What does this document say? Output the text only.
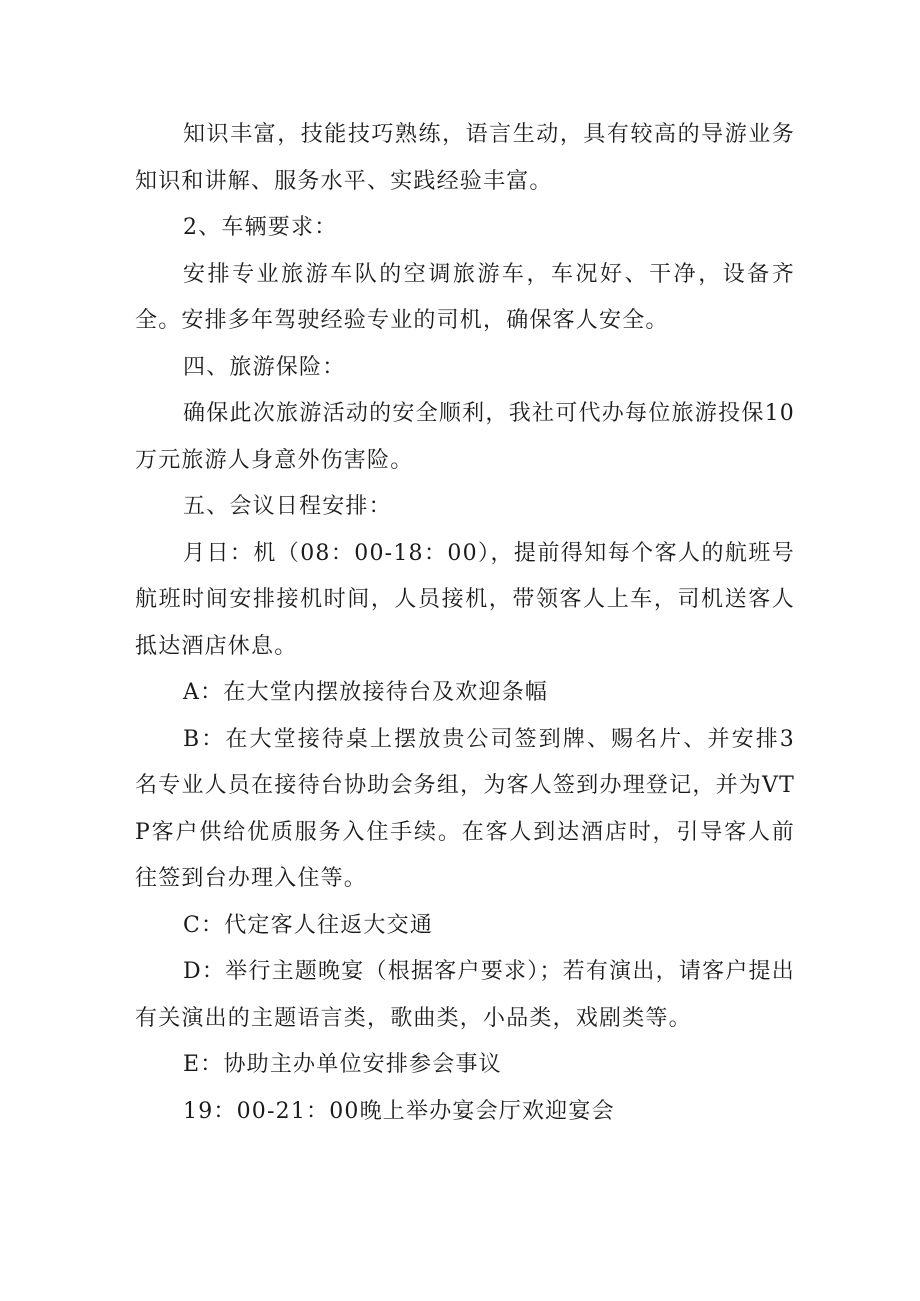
知识丰富，技能技巧熟练，语言生动，具有较高的导游业务知识和讲解、服务水平、实践经验丰富。

2、车辆要求：

安排专业旅游车队的空调旅游车，车况好、干净，设备齐全。安排多年驾驶经验专业的司机，确保客人安全。

四、旅游保险：

确保此次旅游活动的安全顺利，我社可代办每位旅游投保10万元旅游人身意外伤害险。

五、会议日程安排：

月日：机（08：00-18：00），提前得知每个客人的航班号航班时间安排接机时间，人员接机，带领客人上车，司机送客人抵达酒店休息。

A：在大堂内摆放接待台及欢迎条幅

B：在大堂接待桌上摆放贵公司签到牌、赐名片、并安排3名专业人员在接待台协助会务组，为客人签到办理登记，并为VTP客户供给优质服务入住手续。在客人到达酒店时，引导客人前往签到台办理入住等。

C：代定客人往返大交通

D：举行主题晚宴（根据客户要求）；若有演出，请客户提出有关演出的主题语言类，歌曲类，小品类，戏剧类等。

E：协助主办单位安排参会事议

19：00-21：00晚上举办宴会厅欢迎宴会
